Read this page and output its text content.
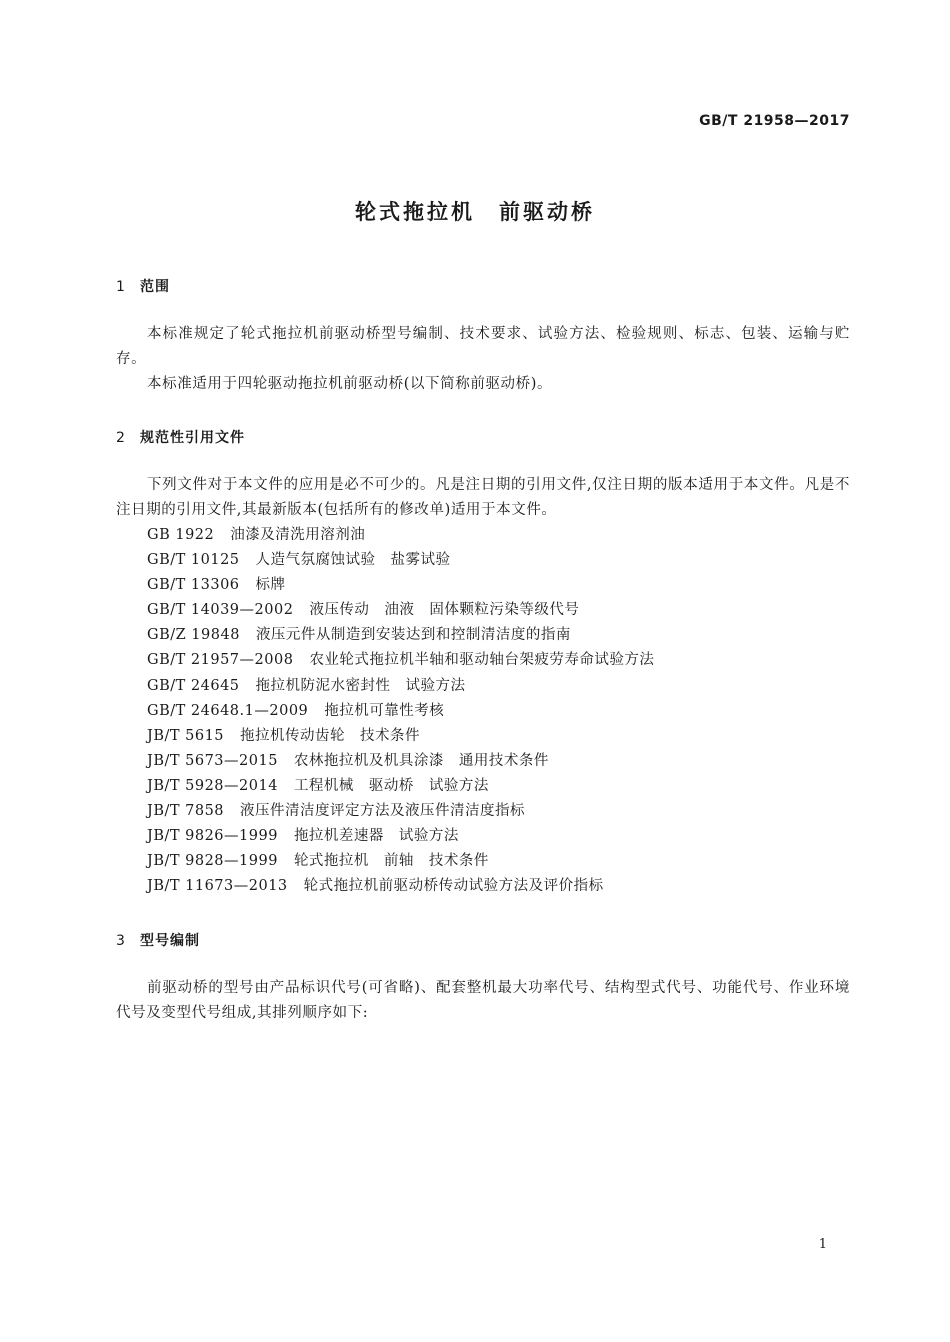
GB/T 21958—2017
轮式拖拉机　前驱动桥
1 范围
本标准规定了轮式拖拉机前驱动桥型号编制、技术要求、试验方法、检验规则、标志、包装、运输与贮存。
本标准适用于四轮驱动拖拉机前驱动桥(以下简称前驱动桥)。
2 规范性引用文件
下列文件对于本文件的应用是必不可少的。凡是注日期的引用文件,仅注日期的版本适用于本文件。凡是不注日期的引用文件,其最新版本(包括所有的修改单)适用于本文件。
GB 1922 油漆及清洗用溶剂油
GB/T 10125 人造气氛腐蚀试验　盐雾试验
GB/T 13306 标牌
GB/T 14039—2002 液压传动　油液　固体颗粒污染等级代号
GB/Z 19848 液压元件从制造到安装达到和控制清洁度的指南
GB/T 21957—2008 农业轮式拖拉机半轴和驱动轴台架疲劳寿命试验方法
GB/T 24645 拖拉机防泥水密封性　试验方法
GB/T 24648.1—2009 拖拉机可靠性考核
JB/T 5615 拖拉机传动齿轮　技术条件
JB/T 5673—2015 农林拖拉机及机具涂漆　通用技术条件
JB/T 5928—2014 工程机械　驱动桥　试验方法
JB/T 7858 液压件清洁度评定方法及液压件清洁度指标
JB/T 9826—1999 拖拉机差速器　试验方法
JB/T 9828—1999 轮式拖拉机　前轴　技术条件
JB/T 11673—2013 轮式拖拉机前驱动桥传动试验方法及评价指标
3 型号编制
前驱动桥的型号由产品标识代号(可省略)、配套整机最大功率代号、结构型式代号、功能代号、作业环境代号及变型代号组成,其排列顺序如下:
1
